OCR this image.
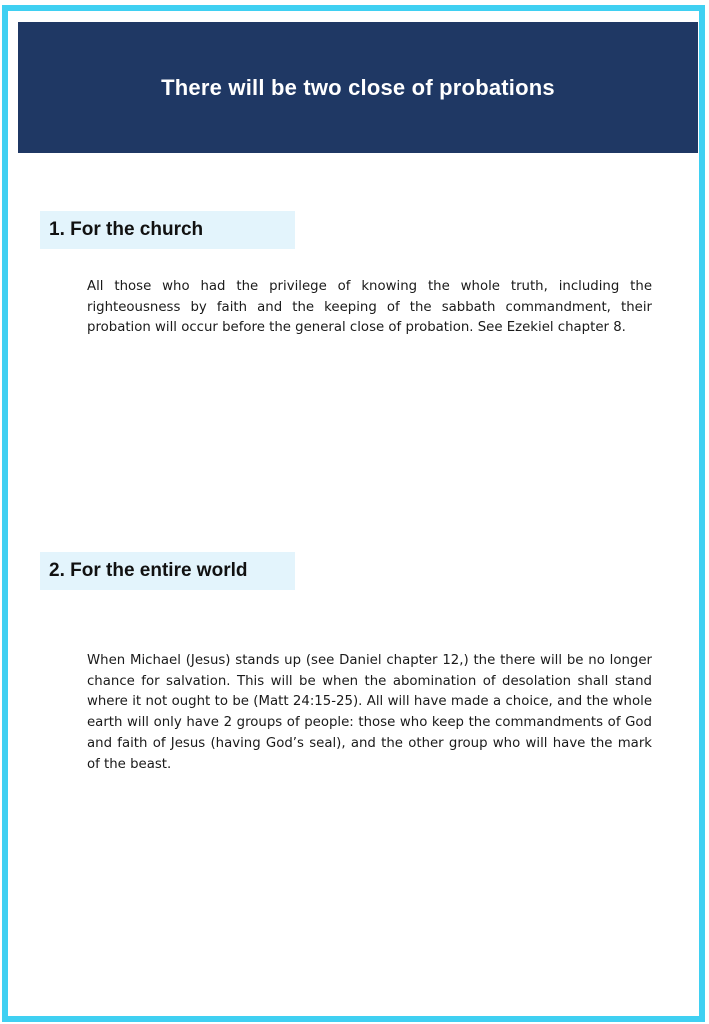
There will be two close of probations
1. For the church

All those who had the privilege of knowing the whole truth, including the righteousness by faith and the keeping of the sabbath commandment, their probation will occur before the general close of probation. See Ezekiel chapter 8.

2. For the entire world

When Michael (Jesus) stands up (see Daniel chapter 12,) the there will be no longer chance for salvation. This will be when the abomination of desolation shall stand where it not ought to be (Matt 24:15-25). All will have made a choice, and the whole earth will only have 2 groups of people: those who keep the commandments of God and faith of Jesus (having God’s seal), and the other group who will have the mark of the beast.
